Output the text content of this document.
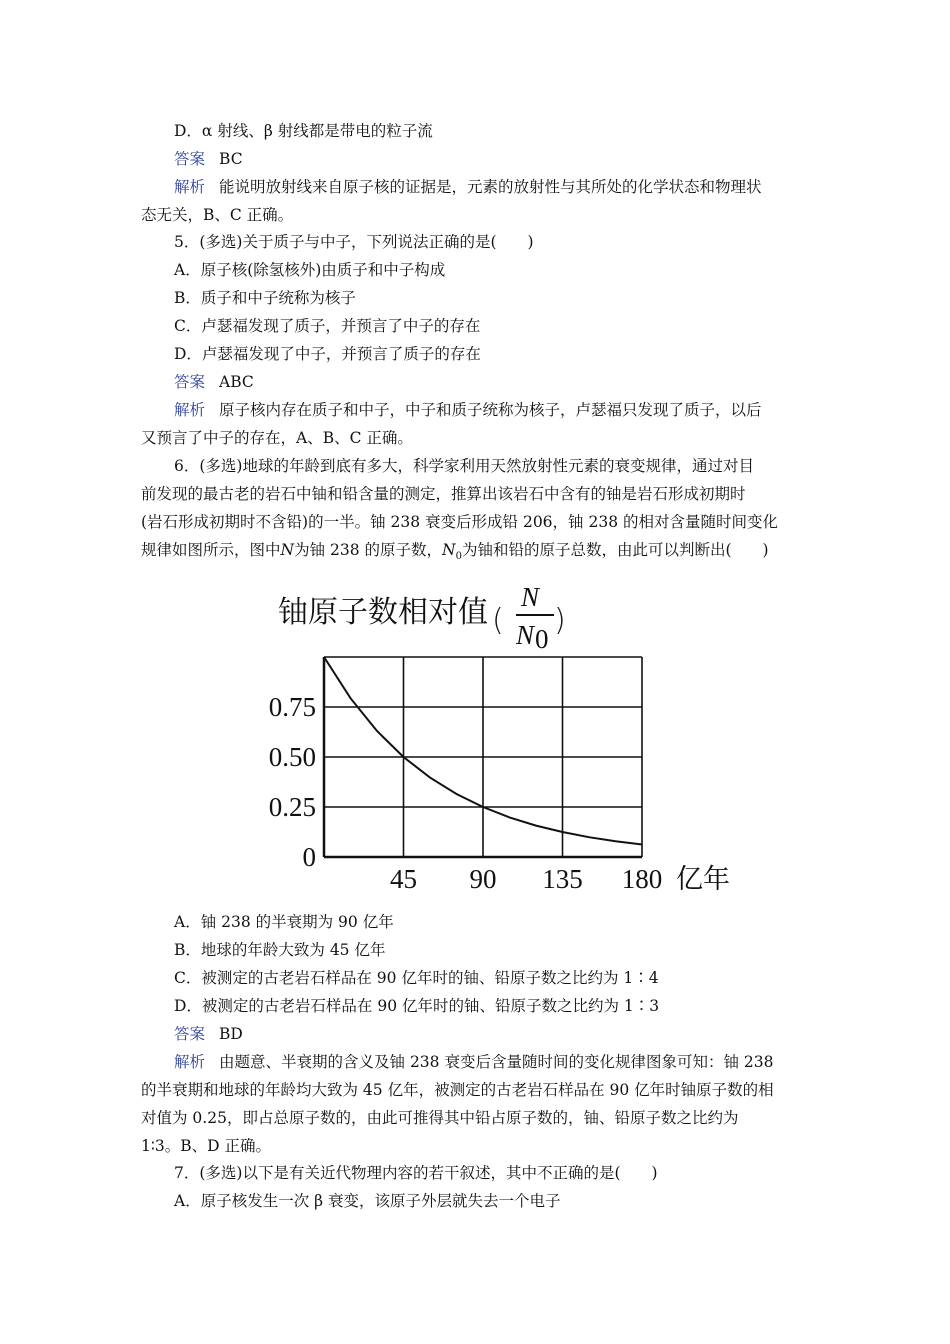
D．α 射线、β 射线都是带电的粒子流
答案 BC
解析 能说明放射线来自原子核的证据是，元素的放射性与其所处的化学状态和物理状
态无关，B、C 正确。
5．(多选)关于质子与中子，下列说法正确的是(　　)
A．原子核(除氢核外)由质子和中子构成
B．质子和中子统称为核子
C．卢瑟福发现了质子，并预言了中子的存在
D．卢瑟福发现了中子，并预言了质子的存在
答案 ABC
解析 原子核内存在质子和中子，中子和质子统称为核子，卢瑟福只发现了质子，以后
又预言了中子的存在，A、B、C 正确。
6．(多选)地球的年龄到底有多大，科学家利用天然放射性元素的衰变规律，通过对目
前发现的最古老的岩石中铀和铅含量的测定，推算出该岩石中含有的铀是岩石形成初期时
(岩石形成初期时不含铅)的一半。铀 238 衰变后形成铅 206，铀 238 的相对含量随时间变化
规律如图所示，图中N为铀 238 的原子数，$N_0$为铀和铅的原子总数，由此可以判断出(　　)
铀原子数相对值 (
N
N 0
)
0
0.25
0.50
0.75
45 90 135 180 亿年
A．铀 238 的半衰期为 90 亿年
B．地球的年龄大致为 45 亿年
C．被测定的古老岩石样品在 90 亿年时的铀、铅原子数之比约为 1∶4
D．被测定的古老岩石样品在 90 亿年时的铀、铅原子数之比约为 1∶3
答案 BD
解析 由题意、半衰期的含义及铀 238 衰变后含量随时间的变化规律图象可知：铀 238
的半衰期和地球的年龄均大致为 45 亿年，被测定的古老岩石样品在 90 亿年时铀原子数的相
对值为 0.25，即占总原子数的，由此可推得其中铅占原子数的，铀、铅原子数之比约为
1∶3。B、D 正确。
7．(多选)以下是有关近代物理内容的若干叙述，其中不正确的是(　　)
A．原子核发生一次 β 衰变，该原子外层就失去一个电子
